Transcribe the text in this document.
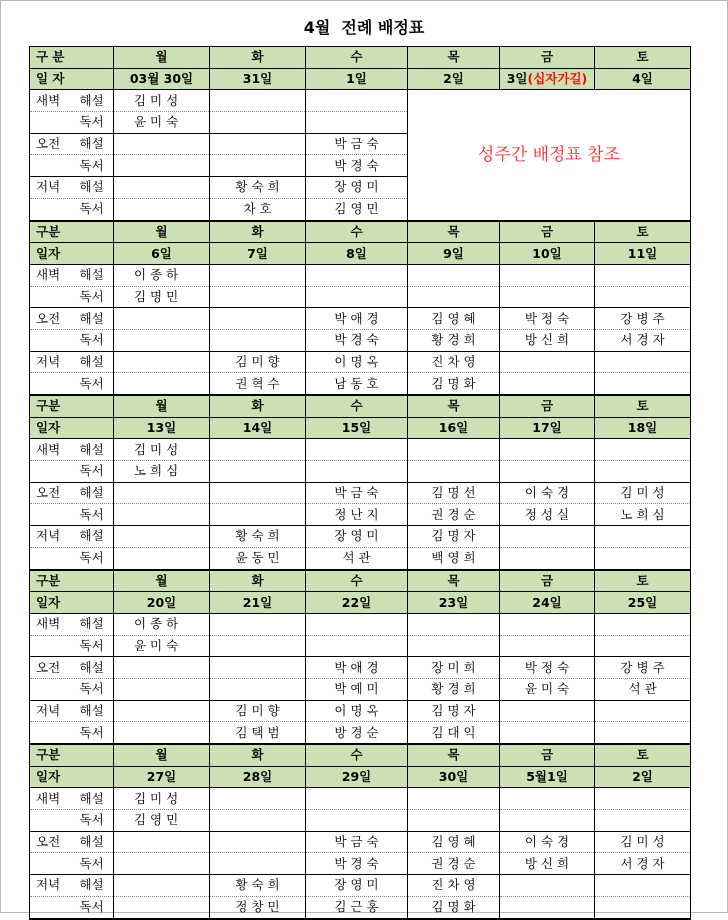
4월  전례 배정표
구 분		월	화	수	목	금	토
일 자		03월 30일	31일	1일	2일	3일(십자가길)	4일
새벽	해설	김 미 성			성주간 배정표 참조		
	독서	윤 미 숙					
오전	해설			박 금 숙			
	독서			박 경 숙			
저녁	해설		황 숙 희	장 영 미			
	독서		차 호	김 영 민			
구분		월	화	수	목	금	토
일자		6일	7일	8일	9일	10일	11일
새벽	해설	이 종 하					
	독서	김 명 민					
오전	해설			박 애 경	김 영 혜	박 정 숙	강 병 주
	독서			박 경 숙	황 경 희	방 신 희	서 경 자
저녁	해설		김 미 향	이 명 옥	진 차 영		
	독서		권 혁 수	남 동 호	김 명 화		
구분		월	화	수	목	금	토
일자		13일	14일	15일	16일	17일	18일
새벽	해설	김 미 성					
	독서	노 희 심					
오전	해설			박 금 숙	김 명 선	이 숙 경	김 미 성
	독서			정 난 지	권 경 순	정 성 실	노 희 심
저녁	해설		황 숙 희	장 영 미	김 명 자		
	독서		윤 동 민	석 관	백 영 희		
구분		월	화	수	목	금	토
일자		20일	21일	22일	23일	24일	25일
새벽	해설	이 종 하					
	독서	윤 미 숙					
오전	해설			박 애 경	장 미 희	박 정 숙	강 병 주
	독서			박 예 미	황 경 희	윤 미 숙	석 관
저녁	해설		김 미 향	이 명 옥	김 명 자		
	독서		김 택 범	방 경 순	김 대 익		
구분		월	화	수	목	금	토
일자		27일	28일	29일	30일	5월1일	2일
새벽	해설	김 미 성					
	독서	김 영 민					
오전	해설			박 금 숙	김 영 혜	이 숙 경	김 미 성
	독서			박 경 숙	권 경 순	방 신 희	서 경 자
저녁	해설		황 숙 희	장 영 미	진 차 영		
	독서		정 창 민	김 근 홍	김 명 화		
